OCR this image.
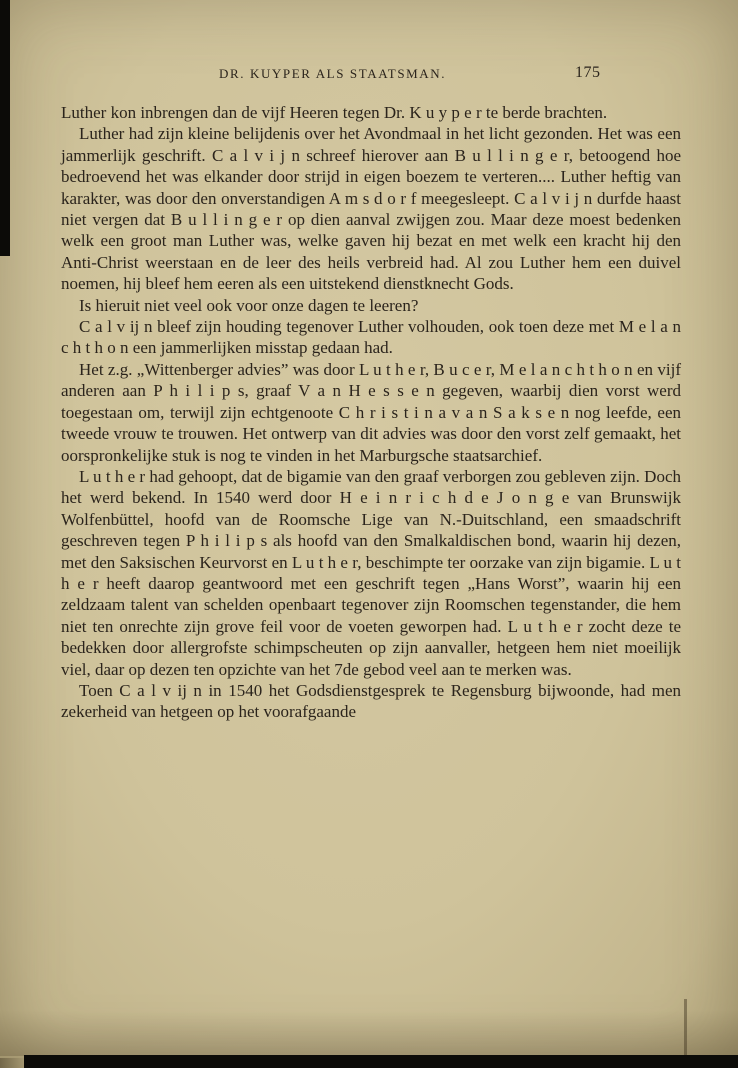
DR. KUYPER ALS STAATSMAN.	175

Luther kon inbrengen dan de vijf Heeren tegen Dr. K u y p e r te berde brachten.

Luther had zijn kleine belijdenis over het Avondmaal in het licht gezonden. Het was een jammerlijk geschrift. C a l v i j n schreef hierover aan B u l l i n g e r, betoogend hoe bedroevend het was elkander door strijd in eigen boezem te verteren.... Luther heftig van karakter, was door den onverstandigen A m s d o r f meegesleept. C a l v i j n durfde haast niet vergen dat B u l l i n g e r op dien aanval zwijgen zou. Maar deze moest bedenken welk een groot man Luther was, welke gaven hij bezat en met welk een kracht hij den Anti-Christ weerstaan en de leer des heils verbreid had. Al zou Luther hem een duivel noemen, hij bleef hem eeren als een uitstekend dienstknecht Gods.

Is hieruit niet veel ook voor onze dagen te leeren?

C a l v ij n bleef zijn houding tegenover Luther volhouden, ook toen deze met M e l a n c h t h o n een jammerlijken misstap gedaan had.

Het z.g. „Wittenberger advies” was door L u t h e r, B u c e r, M e l a n c h t h o n en vijf anderen aan P h i l i p s, graaf V a n H e s s e n gegeven, waarbij dien vorst werd toegestaan om, terwijl zijn echtgenoote C h r i s t i n a v a n S a k s e n nog leefde, een tweede vrouw te trouwen. Het ontwerp van dit advies was door den vorst zelf gemaakt, het oorspronkelijke stuk is nog te vinden in het Marburgsche staatsarchief.

L u t h e r had gehoopt, dat de bigamie van den graaf verborgen zou gebleven zijn. Doch het werd bekend. In 1540 werd door H e i n r i c h d e J o n g e van Brunswijk Wolfenbüttel, hoofd van de Roomsche Lige van N.-Duitschland, een smaadschrift geschreven tegen P h i l i p s als hoofd van den Smalkaldischen bond, waarin hij dezen, met den Saksischen Keurvorst en L u t h e r, beschimpte ter oorzake van zijn bigamie. L u t h e r heeft daarop geantwoord met een geschrift tegen „Hans Worst”, waarin hij een zeldzaam talent van schelden openbaart tegenover zijn Roomschen tegenstander, die hem niet ten onrechte zijn grove feil voor de voeten geworpen had. L u t h e r zocht deze te bedekken door allergrofste schimpscheuten op zijn aanvaller, hetgeen hem niet moeilijk viel, daar op dezen ten opzichte van het 7de gebod veel aan te merken was.

Toen C a l v ij n in 1540 het Godsdienstgesprek te Regensburg bijwoonde, had men zekerheid van hetgeen op het voorafgaande
